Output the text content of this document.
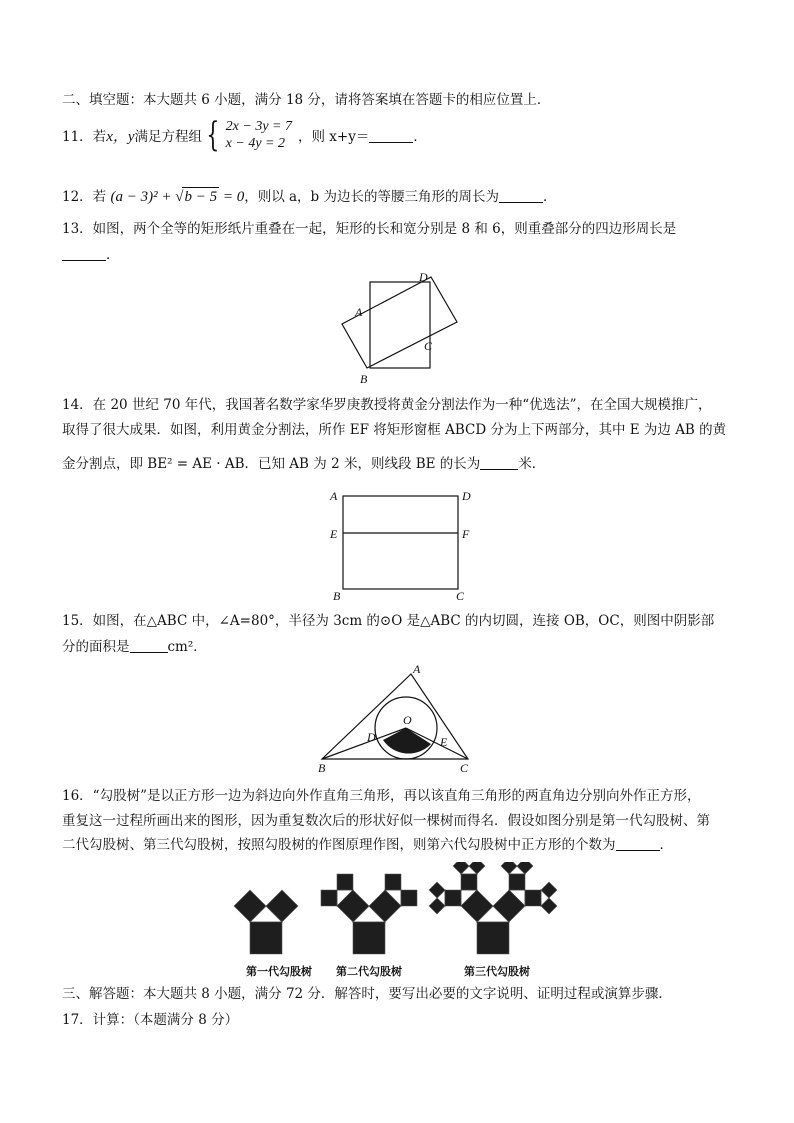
二、填空题：本大题共 6 小题，满分 18 分，请将答案填在答题卡的相应位置上．
11．若 x，y 满足方程组 { 2x − 3y = 7
x − 4y = 2 ，则 x+y＝	．
12．若 (a − 3)² + √b − 5 = 0，则以 a，b 为边长的等腰三角形的周长为	．
13．如图，两个全等的矩形纸片重叠在一起，矩形的长和宽分别是 8 和 6，则重叠部分的四边形周长是
．
D
A
C
B
14．在 20 世纪 70 年代，我国著名数学家华罗庚教授将黄金分割法作为一种“优选法”，在全国大规模推广，
取得了很大成果．如图，利用黄金分割法，所作 EF 将矩形窗框 ABCD 分为上下两部分，其中 E 为边 AB 的黄
金分割点，即 BE² = AE · AB．已知 AB 为 2 米，则线段 BE 的长为	米．
A	D
E	F
B	C
15．如图，在△ABC 中，∠A=80°，半径为 3cm 的⊙O 是△ABC 的内切圆，连接 OB，OC，则图中阴影部
分的面积是	cm²．
A
O
D	E
B	C
16．“勾股树”是以正方形一边为斜边向外作直角三角形，再以该直角三角形的两直角边分别向外作正方形，
重复这一过程所画出来的图形，因为重复数次后的形状好似一棵树而得名．假设如图分别是第一代勾股树、第
二代勾股树、第三代勾股树，按照勾股树的作图原理作图，则第六代勾股树中正方形的个数为	．
第一代勾股树 第二代勾股树	第三代勾股树
三、解答题：本大题共 8 小题，满分 72 分．解答时，要写出必要的文字说明、证明过程或演算步骤．
17．计算：（本题满分 8 分）
